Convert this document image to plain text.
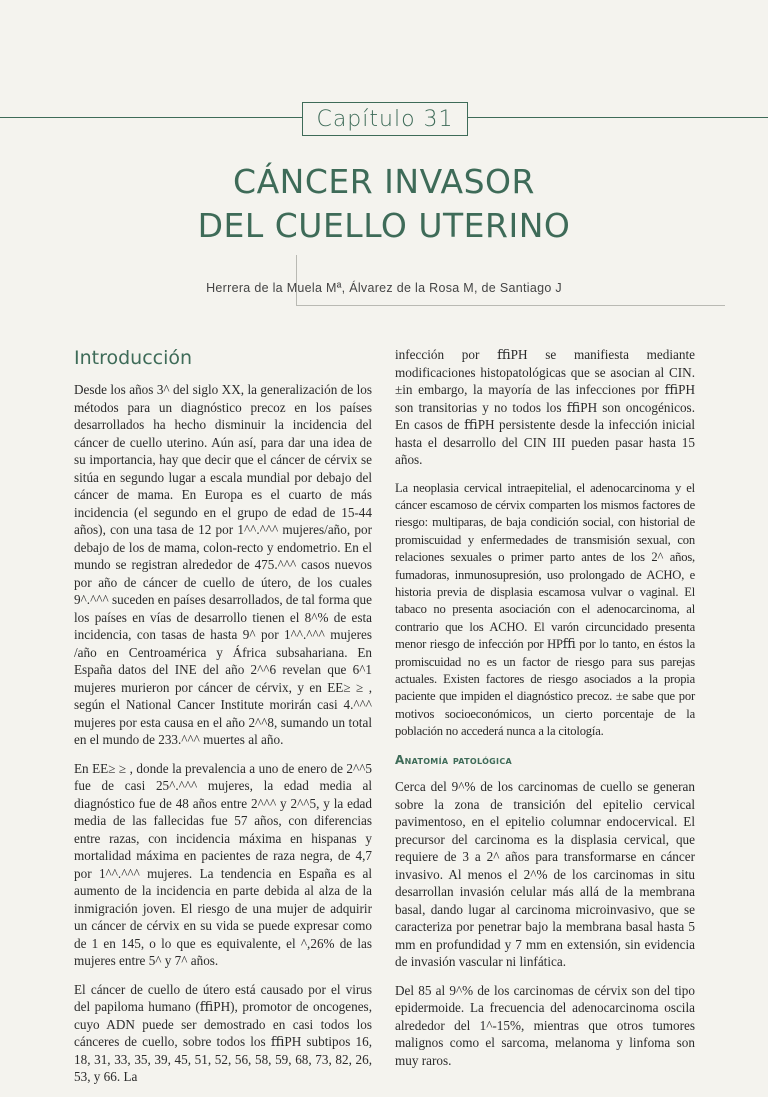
Capítulo 31
CÁNCER INVASOR
DEL CUELLO UTERINO
Herrera de la Muela Mª, Álvarez de la Rosa M, de Santiago J
Introducción

Desde los años 3^ del siglo XX, la generalización de los métodos para un diagnóstico precoz en los países desarrollados ha hecho disminuir la incidencia del cáncer de cuello uterino. Aún así, para dar una idea de su importancia, hay que decir que el cáncer de cérvix se sitúa en segundo lugar a escala mundial por debajo del cáncer de mama. En Europa es el cuarto de más incidencia (el segundo en el grupo de edad de 15-44 años), con una tasa de 12 por 1^^.^^^ mujeres/año, por debajo de los de mama, colon-recto y endometrio. En el mundo se registran alrededor de 475.^^^ casos nuevos por año de cáncer de cuello de útero, de los cuales 9^.^^^ suceden en países desarrollados, de tal forma que los países en vías de desarrollo tienen el 8^% de esta incidencia, con tasas de hasta 9^ por 1^^.^^^ mujeres /año en Centroamérica y África subsahariana. En España datos del INE del año 2^^6 revelan que 6^1 mujeres murieron por cáncer de cérvix, y en EE≥ ≥ , según el National Cancer Institute morirán casi 4.^^^ mujeres por esta causa en el año 2^^8, sumando un total en el mundo de 233.^^^ muertes al año.

En EE≥ ≥ , donde la prevalencia a uno de enero de 2^^5 fue de casi 25^.^^^ mujeres, la edad media al diagnóstico fue de 48 años entre 2^^^ y 2^^5, y la edad media de las fallecidas fue 57 años, con diferencias entre razas, con incidencia máxima en hispanas y mortalidad máxima en pacientes de raza negra, de 4,7 por 1^^.^^^ mujeres. La tendencia en España es al aumento de la incidencia en parte debida al alza de la inmigración joven. El riesgo de una mujer de adquirir un cáncer de cérvix en su vida se puede expresar como de 1 en 145, o lo que es equivalente, el ^,26% de las mujeres entre 5^ y 7^ años.

El cáncer de cuello de útero está causado por el virus del papiloma humano (ﬃPH), promotor de oncogenes, cuyo ADN puede ser demostrado en casi todos los cánceres de cuello, sobre todos los ﬃPH subtipos 16, 18, 31, 33, 35, 39, 45, 51, 52, 56, 58, 59, 68, 73, 82, 26, 53, y 66. La

infección por ﬃPH se manifiesta mediante modificaciones histopatológicas que se asocian al CIN. ±in embargo, la mayoría de las infecciones por ﬃPH son transitorias y no todos los ﬃPH son oncogénicos. En casos de ﬃPH persistente desde la infección inicial hasta el desarrollo del CIN III pueden pasar hasta 15 años.

La neoplasia cervical intraepitelial, el adenocarcinoma y el cáncer escamoso de cérvix comparten los mismos factores de riesgo: multiparas, de baja condición social, con historial de promiscuidad y enfermedades de transmisión sexual, con relaciones sexuales o primer parto antes de los 2^ años, fumadoras, inmunosupresión, uso prolongado de ACHO, e historia previa de displasia escamosa vulvar o vaginal. El tabaco no presenta asociación con el adenocarcinoma, al contrario que los ACHO. El varón circuncidado presenta menor riesgo de infección por HPﬃ por lo tanto, en éstos la promiscuidad no es un factor de riesgo para sus parejas actuales. Existen factores de riesgo asociados a la propia paciente que impiden el diagnóstico precoz. ±e sabe que por motivos socioeconómicos, un cierto porcentaje de la población no accederá nunca a la citología.

Anatomía patológica

Cerca del 9^% de los carcinomas de cuello se generan sobre la zona de transición del epitelio cervical pavimentoso, en el epitelio columnar endocervical. El precursor del carcinoma es la displasia cervical, que requiere de 3 a 2^ años para transformarse en cáncer invasivo. Al menos el 2^% de los carcinomas in situ desarrollan invasión celular más allá de la membrana basal, dando lugar al carcinoma microinvasivo, que se caracteriza por penetrar bajo la membrana basal hasta 5 mm en profundidad y 7 mm en extensión, sin evidencia de invasión vascular ni linfática.

Del 85 al 9^% de los carcinomas de cérvix son del tipo epidermoide. La frecuencia del adenocarcinoma oscila alrededor del 1^-15%, mientras que otros tumores malignos como el sarcoma, melanoma y linfoma son muy raros.
